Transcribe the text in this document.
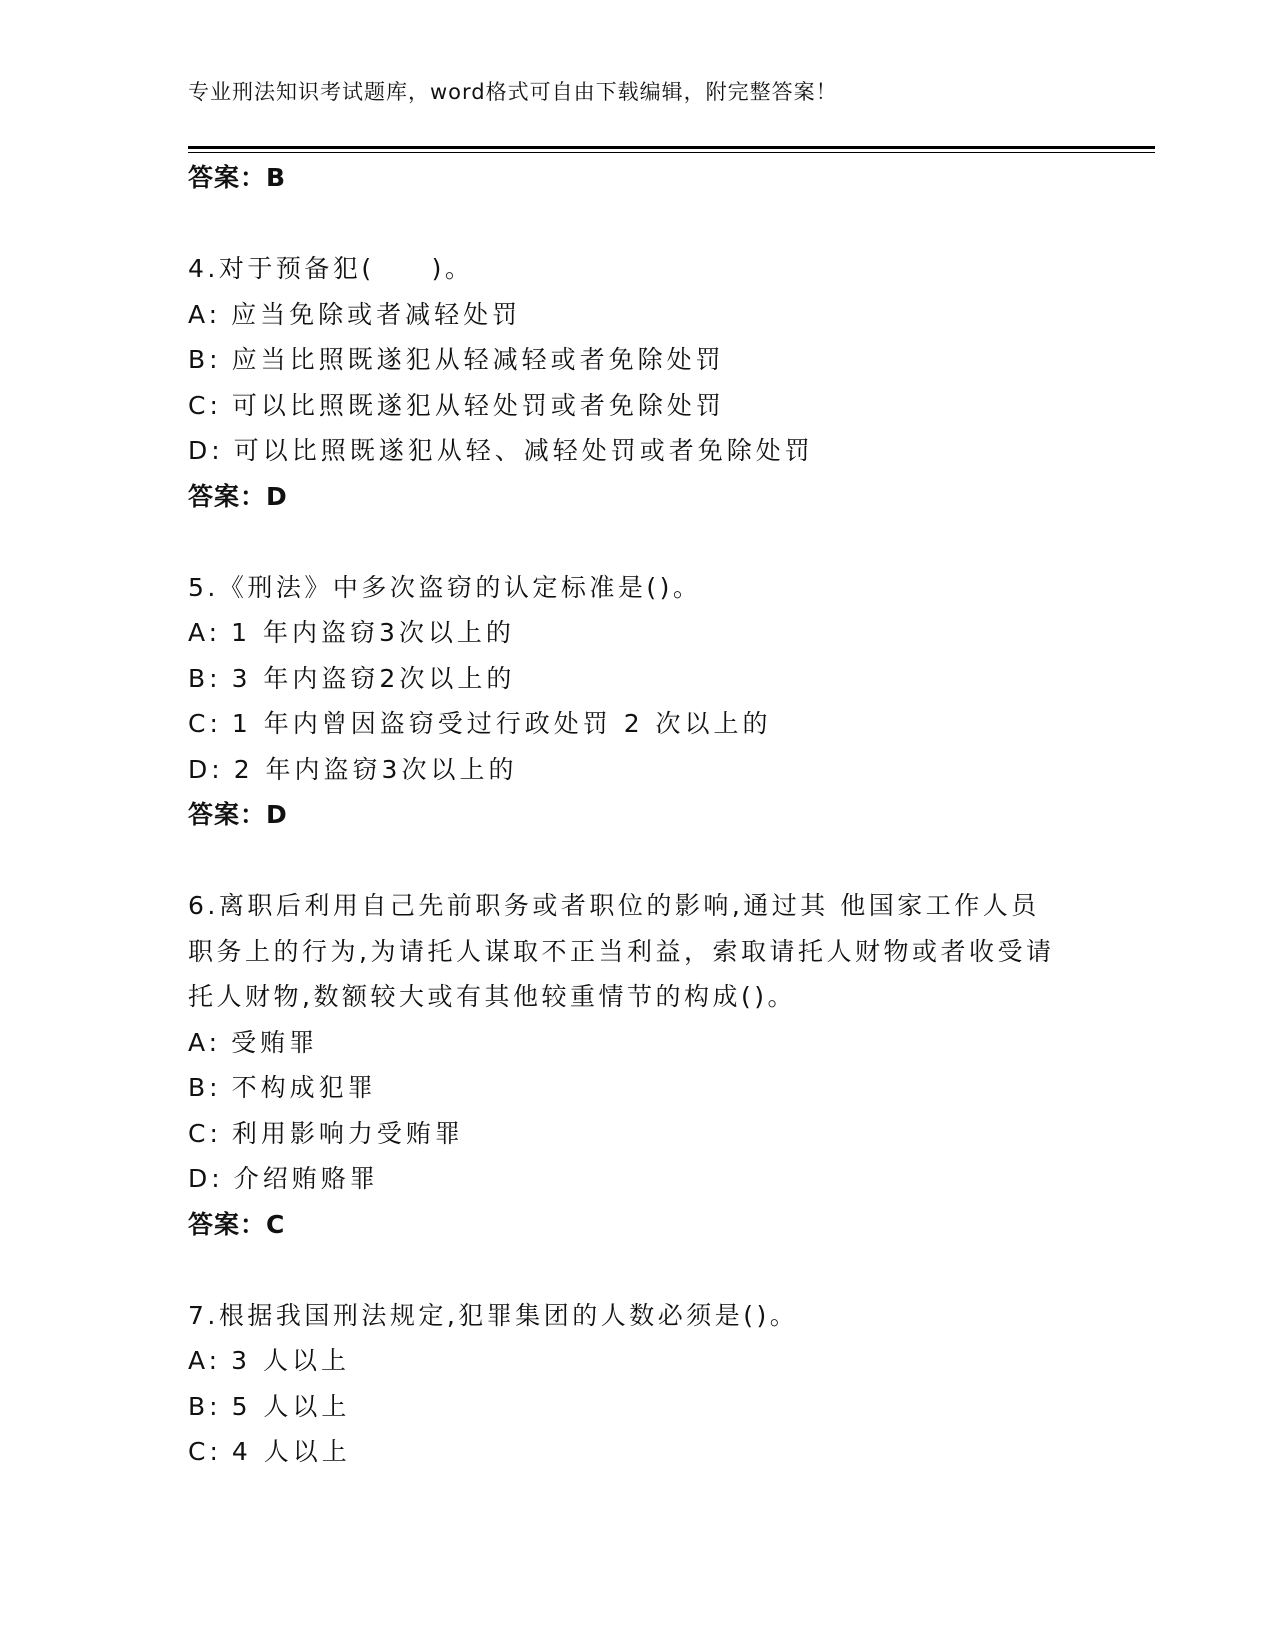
专业刑法知识考试题库，word格式可自由下载编辑，附完整答案！
答案：B
4.对于预备犯(　　)。
A: 应当免除或者减轻处罚
B: 应当比照既遂犯从轻减轻或者免除处罚
C: 可以比照既遂犯从轻处罚或者免除处罚
D: 可以比照既遂犯从轻、减轻处罚或者免除处罚
答案：D
5.《刑法》中多次盗窃的认定标准是()。
A: 1 年内盗窃3次以上的
B: 3 年内盗窃2次以上的
C: 1 年内曾因盗窃受过行政处罚 2 次以上的
D: 2 年内盗窃3次以上的
答案：D
6.离职后利用自己先前职务或者职位的影响,通过其 他国家工作人员
职务上的行为,为请托人谋取不正当利益，索取请托人财物或者收受请
托人财物,数额较大或有其他较重情节的构成()。
A: 受贿罪
B: 不构成犯罪
C: 利用影响力受贿罪
D: 介绍贿赂罪
答案：C
7.根据我国刑法规定,犯罪集团的人数必须是()。
A: 3 人以上
B: 5 人以上
C: 4 人以上
